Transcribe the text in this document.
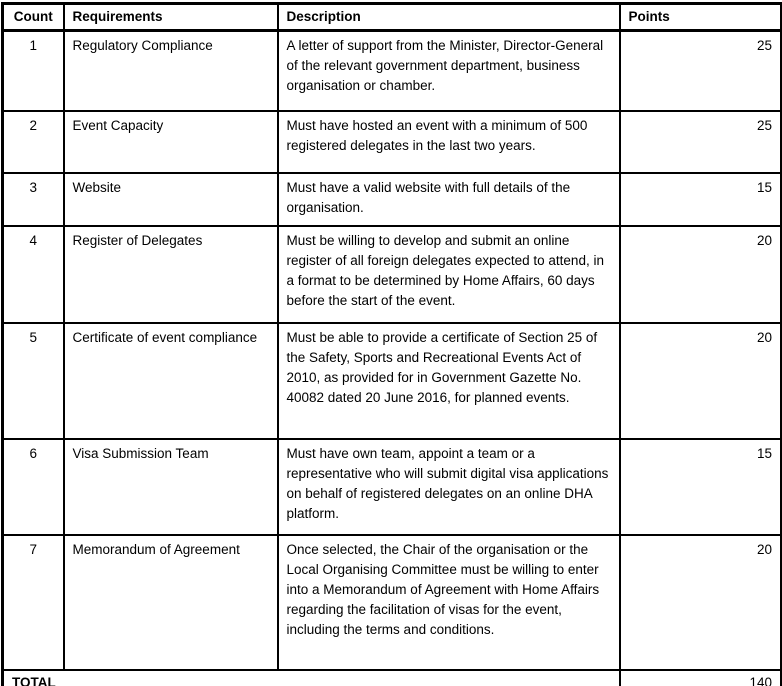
Count	Requirements	Description	Points
1	Regulatory Compliance	A letter of support from the Minister, Director-General of the relevant government department, business organisation or chamber.	25
2	Event Capacity	Must have hosted an event with a minimum of 500 registered delegates in the last two years.	25
3	Website	Must have a valid website with full details of the organisation.	15
4	Register of Delegates	Must be willing to develop and submit an online register of all foreign delegates expected to attend, in a format to be determined by Home Affairs, 60 days before the start of the event.	20
5	Certificate of event compliance	Must be able to provide a certificate of Section 25 of the Safety, Sports and Recreational Events Act of 2010, as provided for in Government Gazette No. 40082 dated 20 June 2016, for planned events.	20
6	Visa Submission Team	Must have own team, appoint a team or a representative who will submit digital visa applications on behalf of registered delegates on an online DHA platform.	15
7	Memorandum of Agreement	Once selected, the Chair of the organisation or the Local Organising Committee must be willing to enter into a Memorandum of Agreement with Home Affairs regarding the facilitation of visas for the event, including the terms and conditions.	20
TOTAL			140
